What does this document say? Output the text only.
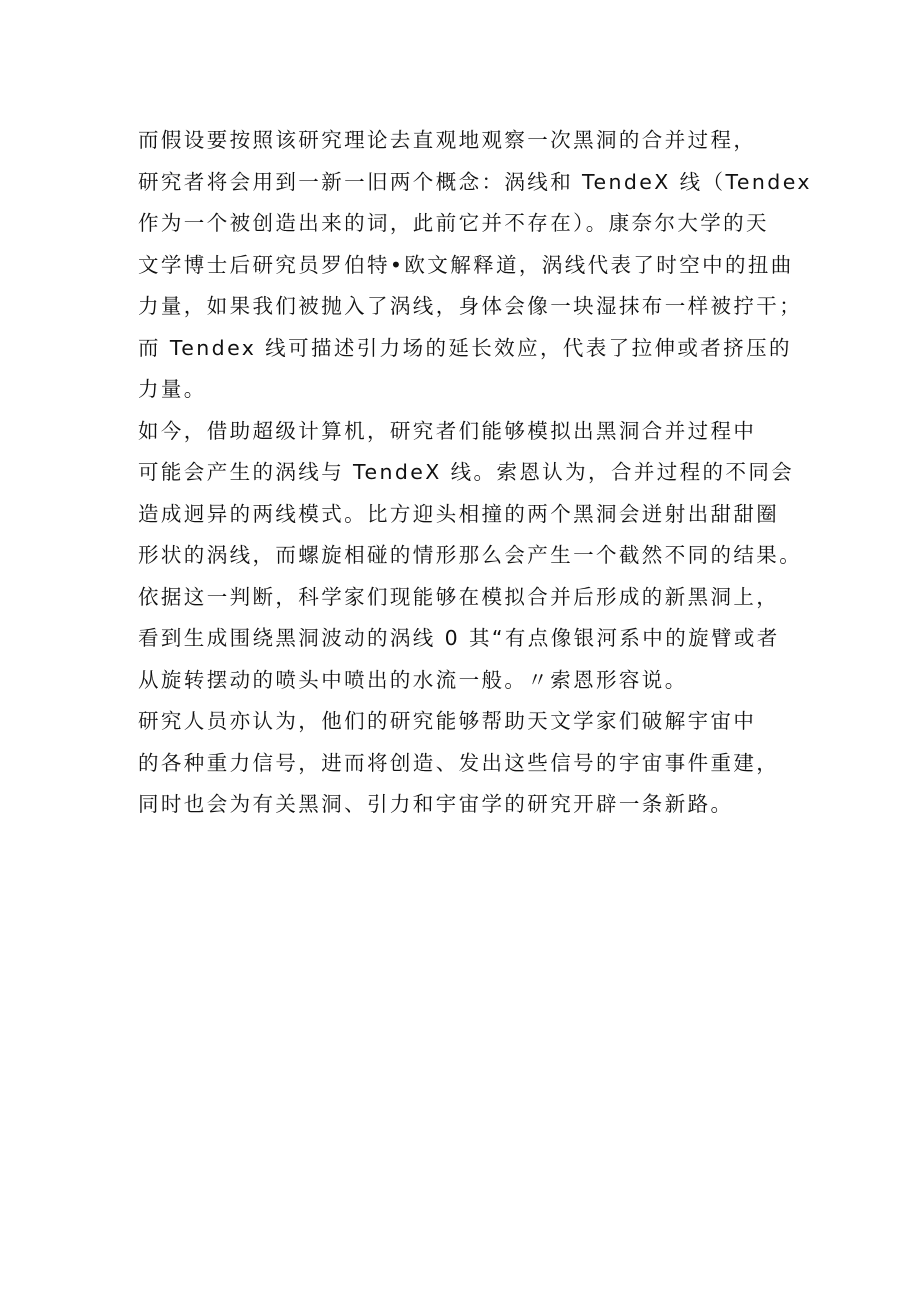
而假设要按照该研究理论去直观地观察一次黑洞的合并过程，
研究者将会用到一新一旧两个概念：涡线和 TendeX 线（Tendex
作为一个被创造出来的词，此前它并不存在）。康奈尔大学的天
文学博士后研究员罗伯特•欧文解释道，涡线代表了时空中的扭曲
力量，如果我们被抛入了涡线，身体会像一块湿抹布一样被拧干；
而 Tendex 线可描述引力场的延长效应，代表了拉伸或者挤压的
力量。
如今，借助超级计算机，研究者们能够模拟出黑洞合并过程中
可能会产生的涡线与 TendeX 线。索恩认为，合并过程的不同会
造成迥异的两线模式。比方迎头相撞的两个黑洞会迸射出甜甜圈
形状的涡线，而螺旋相碰的情形那么会产生一个截然不同的结果。
依据这一判断，科学家们现能够在模拟合并后形成的新黑洞上，
看到生成围绕黑洞波动的涡线 0 其“有点像银河系中的旋臂或者
从旋转摆动的喷头中喷出的水流一般。〃索恩形容说。
研究人员亦认为，他们的研究能够帮助天文学家们破解宇宙中
的各种重力信号，进而将创造、发出这些信号的宇宙事件重建，
同时也会为有关黑洞、引力和宇宙学的研究开辟一条新路。
